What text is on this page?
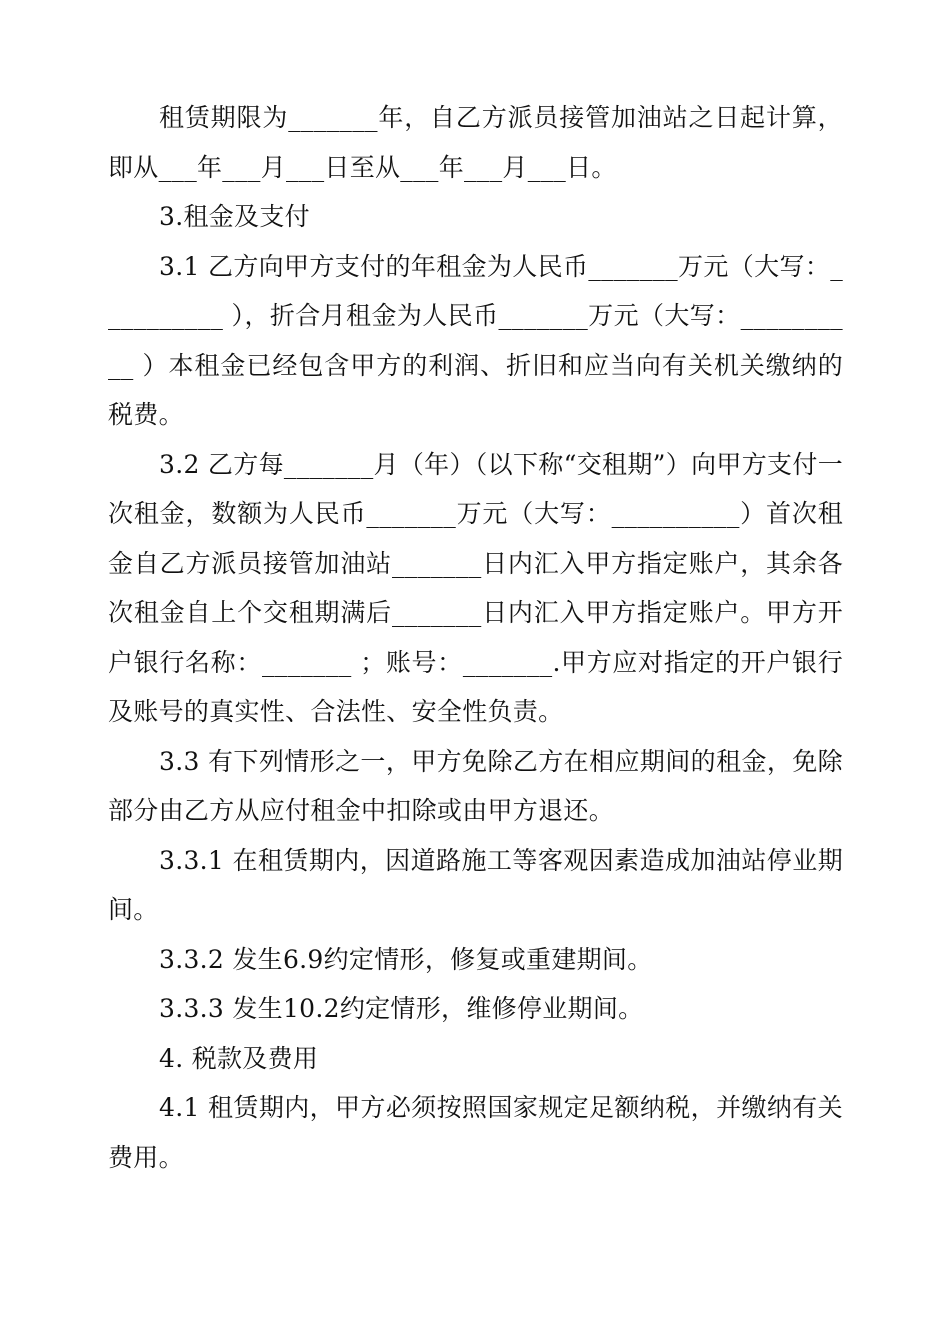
租赁期限为_______年，自乙方派员接管加油站之日起计算，即从___年___月___日至从___年___月___日。

3.租金及支付

3.1 乙方向甲方支付的年租金为人民币_______万元（大写：__________ ），折合月租金为人民币_______万元（大写：__________ ）本租金已经包含甲方的利润、折旧和应当向有关机关缴纳的税费。

3.2 乙方每_______月（年）（以下称“交租期”）向甲方支付一次租金，数额为人民币_______万元（大写：__________）首次租金自乙方派员接管加油站_______日内汇入甲方指定账户，其余各次租金自上个交租期满后_______日内汇入甲方指定账户。甲方开户银行名称：_______ ；账号：_______.甲方应对指定的开户银行及账号的真实性、合法性、安全性负责。

3.3 有下列情形之一，甲方免除乙方在相应期间的租金，免除部分由乙方从应付租金中扣除或由甲方退还。

3.3.1 在租赁期内，因道路施工等客观因素造成加油站停业期间。

3.3.2 发生6.9约定情形，修复或重建期间。

3.3.3 发生10.2约定情形，维修停业期间。

4. 税款及费用

4.1 租赁期内，甲方必须按照国家规定足额纳税，并缴纳有关费用。
